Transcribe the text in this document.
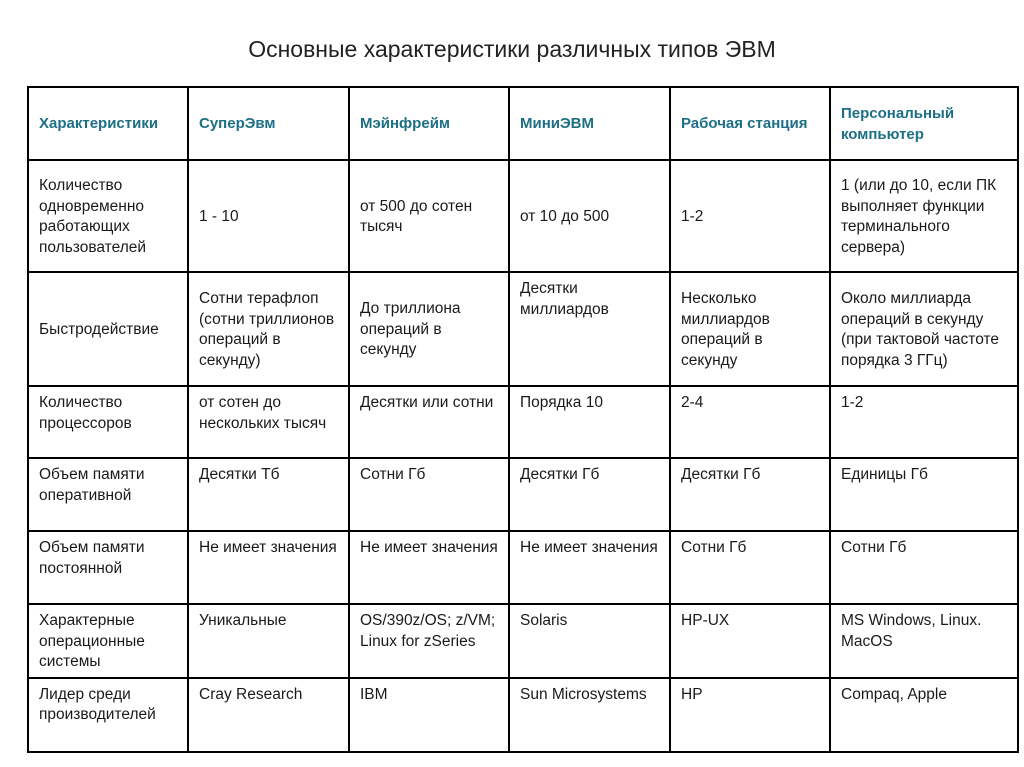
Основные характеристики различных типов ЭВМ
Характеристики	СуперЭвм	Мэйнфрейм	МиниЭВМ	Рабочая станция	Персональный компьютер
Количество одновременно работающих пользователей	1 - 10	от 500 до сотен тысяч	от 10 до 500	1-2	1 (или до 10, если ПК выполняет функции терминального сервера)
Быстродействие	Сотни терафлоп (сотни триллионов операций в секунду)	До триллиона операций в секунду	Десятки миллиардов	Несколько миллиардов операций в секунду	Около миллиарда операций в секунду (при тактовой частоте порядка 3 ГГц)
Количество процессоров	от сотен до нескольких тысяч	Десятки или сотни	Порядка 10	2-4	1-2
Объем памяти оперативной	Десятки Тб	Сотни Гб	Десятки Гб	Десятки Гб	Единицы Гб
Объем памяти постоянной	Не имеет значения	Не имеет значения	Не имеет значения	Сотни Гб	Сотни Гб
Характерные операционные системы	Уникальные	OS/390z/OS; z/VM; Linux for zSeries	Solaris	HP-UX	MS Windows, Linux. MacOS
Лидер среди производителей	Cray Research	IBM	Sun Microsystems	HP	Compaq, Apple
